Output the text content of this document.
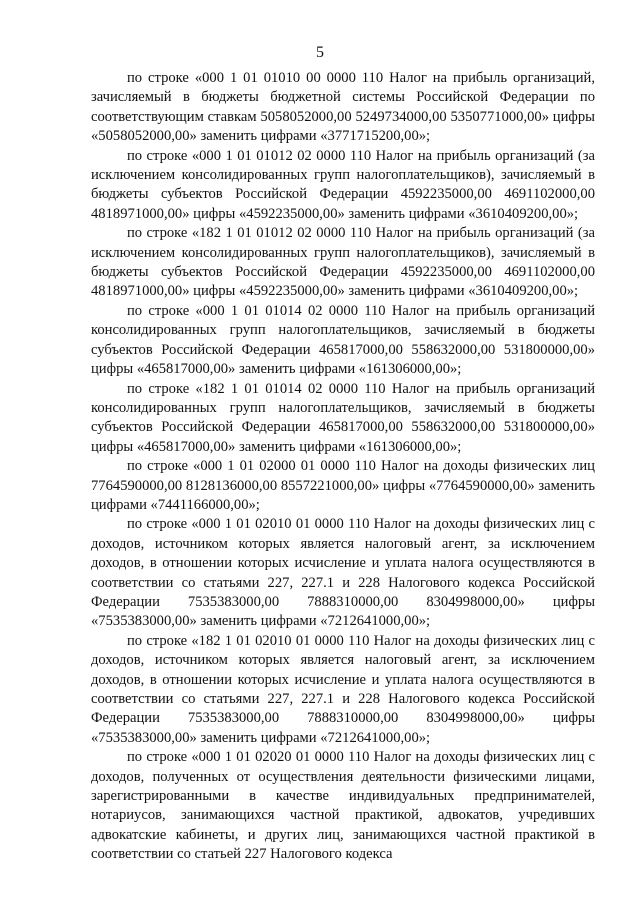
5

по строке «000 1 01 01010 00 0000 110 Налог на прибыль организаций, зачисляемый в бюджеты бюджетной системы Российской Федерации по соответствующим ставкам 5058052000,00 5249734000,00 5350771000,00» цифры «5058052000,00» заменить цифрами «3771715200,00»;

по строке «000 1 01 01012 02 0000 110 Налог на прибыль организаций (за исключением консолидированных групп налогоплательщиков), зачисляемый в бюджеты субъектов Российской Федерации 4592235000,00 4691102000,00 4818971000,00» цифры «4592235000,00» заменить цифрами «3610409200,00»;

по строке «182 1 01 01012 02 0000 110 Налог на прибыль организаций (за исключением консолидированных групп налогоплательщиков), зачисляемый в бюджеты субъектов Российской Федерации 4592235000,00 4691102000,00 4818971000,00» цифры «4592235000,00» заменить цифрами «3610409200,00»;

по строке «000 1 01 01014 02 0000 110 Налог на прибыль организаций консолидированных групп налогоплательщиков, зачисляемый в бюджеты субъектов Российской Федерации 465817000,00 558632000,00 531800000,00» цифры «465817000,00» заменить цифрами «161306000,00»;

по строке «182 1 01 01014 02 0000 110 Налог на прибыль организаций консолидированных групп налогоплательщиков, зачисляемый в бюджеты субъектов Российской Федерации 465817000,00 558632000,00 531800000,00» цифры «465817000,00» заменить цифрами «161306000,00»;

по строке «000 1 01 02000 01 0000 110 Налог на доходы физических лиц 7764590000,00 8128136000,00 8557221000,00» цифры «7764590000,00» заменить цифрами «7441166000,00»;

по строке «000 1 01 02010 01 0000 110 Налог на доходы физических лиц с доходов, источником которых является налоговый агент, за исключением доходов, в отношении которых исчисление и уплата налога осуществляются в соответствии со статьями 227, 227.1 и 228 Налогового кодекса Российской Федерации 7535383000,00 7888310000,00 8304998000,00» цифры «7535383000,00» заменить цифрами «7212641000,00»;

по строке «182 1 01 02010 01 0000 110 Налог на доходы физических лиц с доходов, источником которых является налоговый агент, за исключением доходов, в отношении которых исчисление и уплата налога осуществляются в соответствии со статьями 227, 227.1 и 228 Налогового кодекса Российской Федерации 7535383000,00 7888310000,00 8304998000,00» цифры «7535383000,00» заменить цифрами «7212641000,00»;

по строке «000 1 01 02020 01 0000 110 Налог на доходы физических лиц с доходов, полученных от осуществления деятельности физическими лицами, зарегистрированными в качестве индивидуальных предпринимателей, нотариусов, занимающихся частной практикой, адвокатов, учредивших адвокатские кабинеты, и других лиц, занимающихся частной практикой в соответствии со статьей 227 Налогового кодекса
